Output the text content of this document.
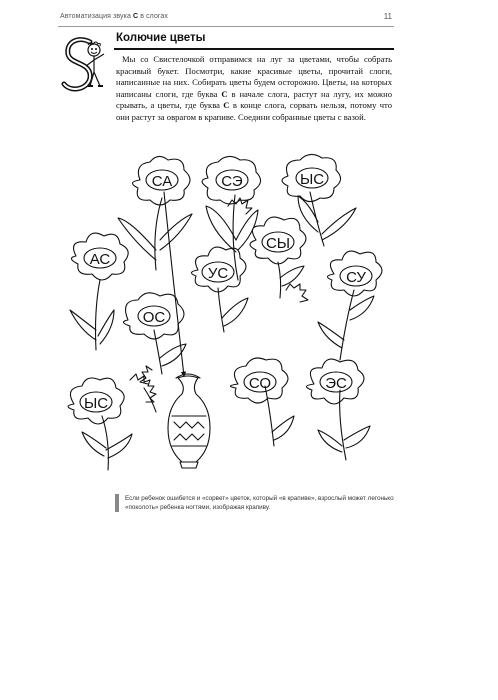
Автоматизация звука С в слогах	11
Колючие цветы
Мы со Свистелочкой отправимся на луг за цветами, чтобы собрать красивый букет. Посмотри, какие красивые цветы, прочитай слоги, написанные на них. Собирать цветы будем осторожно. Цветы, на которых написаны слоги, где буква С в начале слога, растут на лугу, их можно срывать, а цветы, где буква С в конце слога, сорвать нельзя, потому что они растут за оврагом в крапиве. Соедини собранные цветы с вазой.
СА	СЭ	ЫС
АС
СЫ
УС	СУ
ОС
ЫС
СО	ЭС
Если ребенок ошибется и «сорвет» цветок, который «в крапиве», взрослый может легонько «поколоть» ребенка ногтями, изображая крапиву.
